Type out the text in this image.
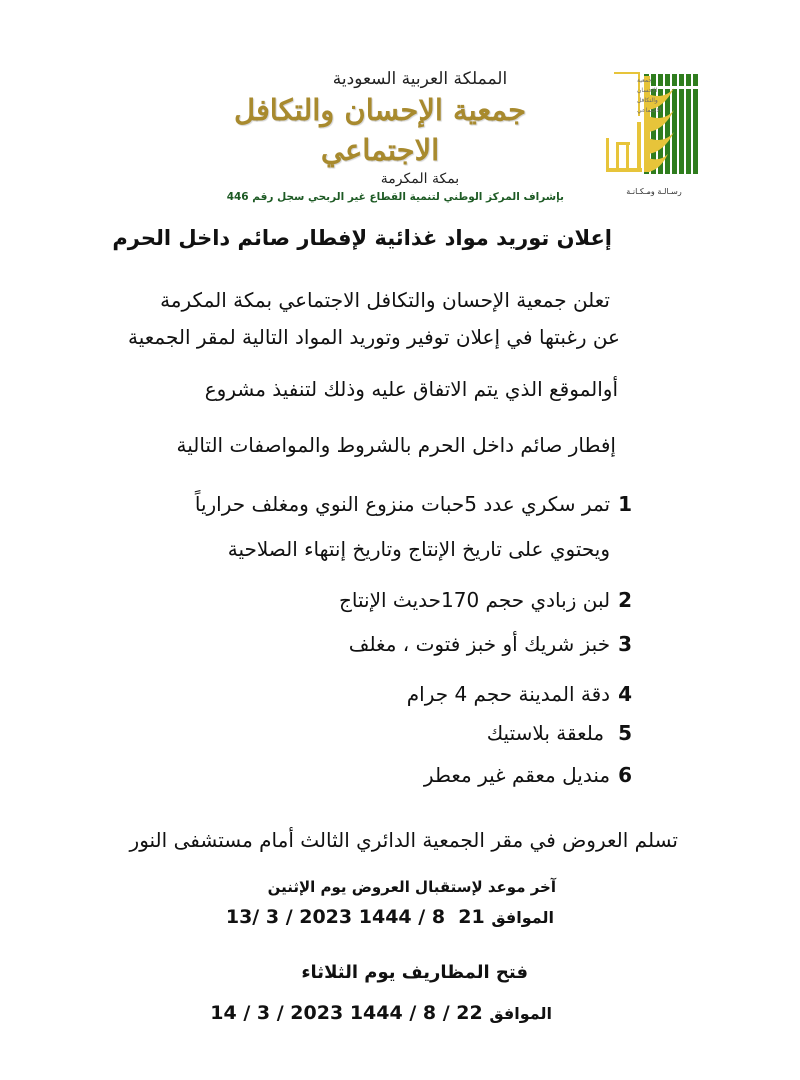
المملكة العربية السعودية
جمعية الإحسان والتكافل الاجتماعي
بمكة المكرمة
بإشراف المركز الوطني لتنمية القطاع غير الربحي سجل رقم 446
جمعية
الإحسان
والتكافل
الاجتماعي
رسـالـة ومـكـانـة
إعلان توريد مواد غذائية لإفطار صائم داخل الحرم
تعلن جمعية الإحسان والتكافل الاجتماعي بمكة المكرمة
عن رغبتها في إعلان توفير وتوريد المواد التالية لمقر الجمعية
أوالموقع الذي يتم الاتفاق عليه وذلك لتنفيذ مشروع
إفطار صائم داخل الحرم بالشروط والمواصفات التالية
1تمر سكري عدد 5حبات منزوع النوي ومغلف حرارياً
ويحتوي على تاريخ الإنتاج وتاريخ إنتهاء الصلاحية
2لبن زبادي حجم 170حديث الإنتاج
3خبز شريك أو خبز فتوت ، مغلف
4دقة المدينة حجم 4 جرام
5ملعقة بلاستيك
6منديل معقم غير معطر
تسلم العروض في مقر الجمعية الدائري الثالث أمام مستشفى النور
آخر موعد لإستقبال العروض يوم الإثنين
13/ 3 / 2023	الموافق 21  8 / 1444
فتح المظاريف يوم الثلاثاء
14 / 3 / 2023	الموافق 22 / 8 / 1444
